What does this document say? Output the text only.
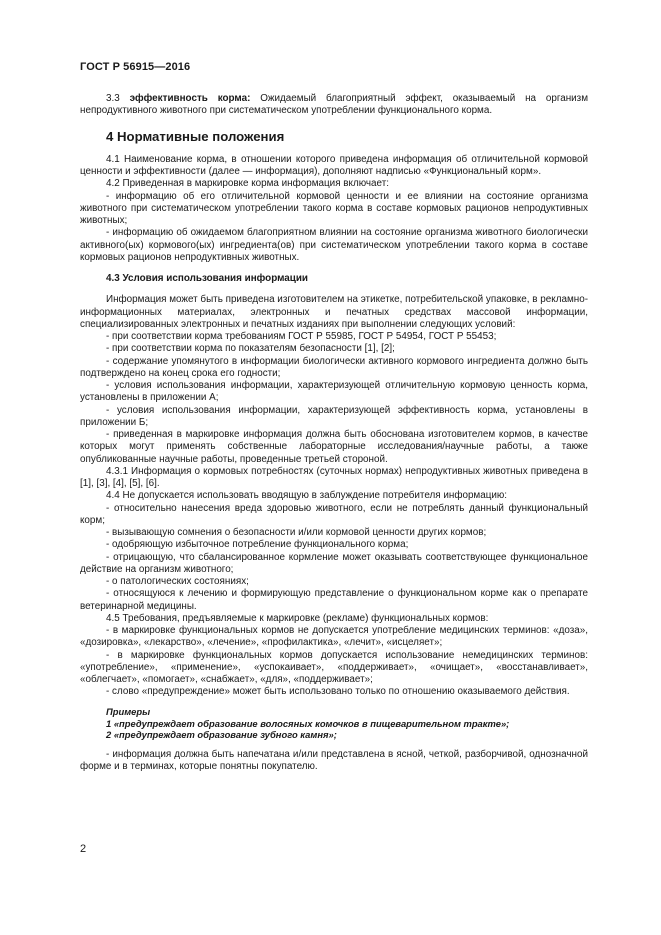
ГОСТ Р 56915—2016

3.3 эффективность корма: Ожидаемый благоприятный эффект, оказываемый на организм непродуктивного животного при систематическом употреблении функционального корма.

4 Нормативные положения

4.1 Наименование корма, в отношении которого приведена информация об отличительной кормовой ценности и эффективности (далее — информация), дополняют надписью «Функциональный корм».

4.2 Приведенная в маркировке корма информация включает:

- информацию об его отличительной кормовой ценности и ее влиянии на состояние организма животного при систематическом употреблении такого корма в составе кормовых рационов непродуктивных животных;

- информацию об ожидаемом благоприятном влиянии на состояние организма животного биологически активного(ых) кормового(ых) ингредиента(ов) при систематическом употреблении такого корма в составе кормовых рационов непродуктивных животных.

4.3 Условия использования информации

Информация может быть приведена изготовителем на этикетке, потребительской упаковке, в рекламно-информационных материалах, электронных и печатных средствах массовой информации, специализированных электронных и печатных изданиях при выполнении следующих условий:

- при соответствии корма требованиям ГОСТ Р 55985, ГОСТ Р 54954, ГОСТ Р 55453;

- при соответствии корма по показателям безопасности [1], [2];

- содержание упомянутого в информации биологически активного кормового ингредиента должно быть подтверждено на конец срока его годности;

- условия использования информации, характеризующей отличительную кормовую ценность корма, установлены в приложении А;

- условия использования информации, характеризующей эффективность корма, установлены в приложении Б;

- приведенная в маркировке информация должна быть обоснована изготовителем кормов, в качестве которых могут применять собственные лабораторные исследования/научные работы, а также опубликованные научные работы, проведенные третьей стороной.

4.3.1 Информация о кормовых потребностях (суточных нормах) непродуктивных животных приведена в [1], [3], [4], [5], [6].

4.4 Не допускается использовать вводящую в заблуждение потребителя информацию:

- относительно нанесения вреда здоровью животного, если не потреблять данный функциональный корм;

- вызывающую сомнения о безопасности и/или кормовой ценности других кормов;

- одобряющую избыточное потребление функционального корма;

- отрицающую, что сбалансированное кормление может оказывать соответствующее функциональное действие на организм животного;

- о патологических состояниях;

- относящуюся к лечению и формирующую представление о функциональном корме как о препарате ветеринарной медицины.

4.5 Требования, предъявляемые к маркировке (рекламе) функциональных кормов:

- в маркировке функциональных кормов не допускается употребление медицинских терминов: «доза», «дозировка», «лекарство», «лечение», «профилактика», «лечит», «исцеляет»;

- в маркировке функциональных кормов допускается использование немедицинских терминов: «употребление», «применение», «успокаивает», «поддерживает», «очищает», «восстанавливает», «облегчает», «помогает», «снабжает», «для», «поддерживает»;

- слово «предупреждение» может быть использовано только по отношению оказываемого действия.

Примеры

1 «предупреждает образование волосяных комочков в пищеварительном тракте»;

2 «предупреждает образование зубного камня»;

- информация должна быть напечатана и/или представлена в ясной, четкой, разборчивой, однозначной форме и в терминах, которые понятны покупателю.

2
